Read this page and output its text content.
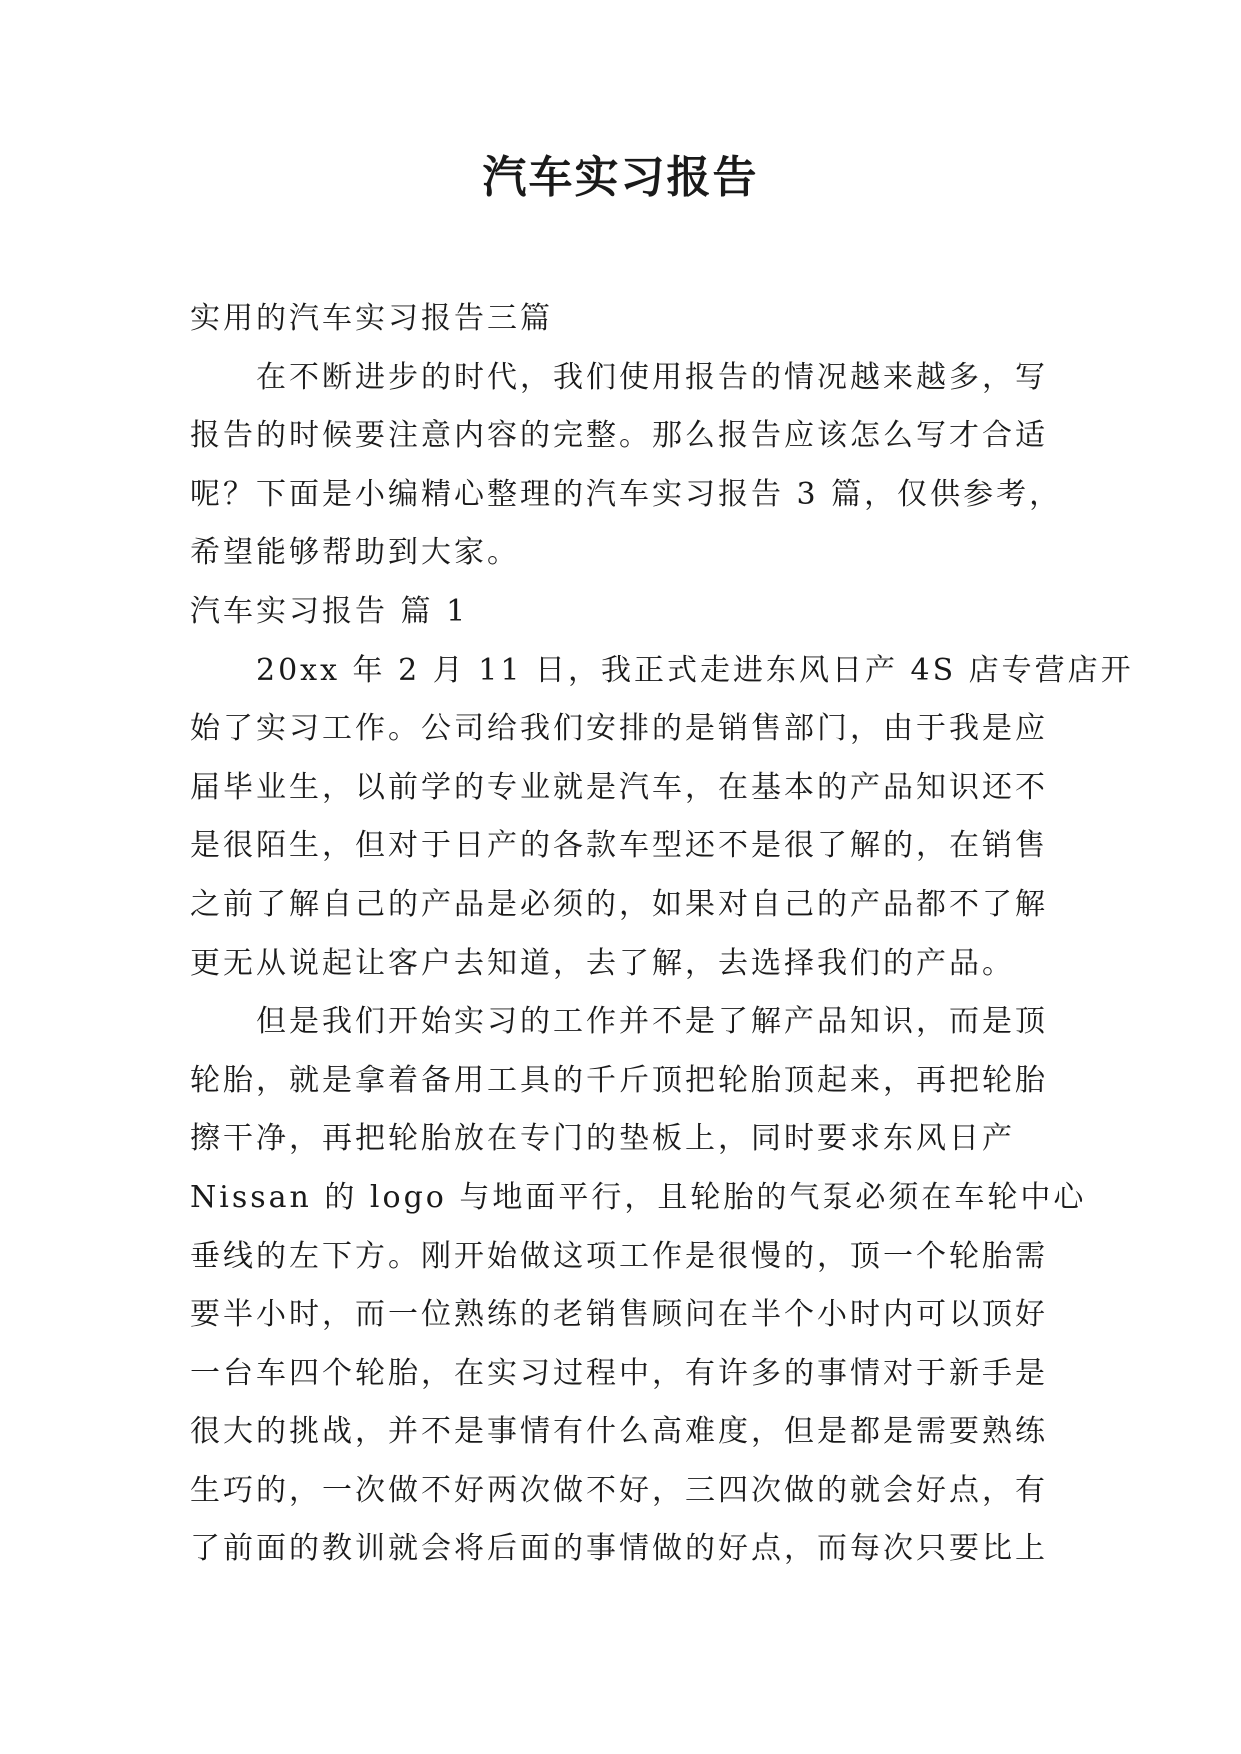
汽车实习报告
实用的汽车实习报告三篇
在不断进步的时代，我们使用报告的情况越来越多，写
报告的时候要注意内容的完整。那么报告应该怎么写才合适
呢？下面是小编精心整理的汽车实习报告 3 篇，仅供参考，
希望能够帮助到大家。
汽车实习报告 篇 1
20xx 年 2 月 11 日，我正式走进东风日产 4S 店专营店开
始了实习工作。公司给我们安排的是销售部门，由于我是应
届毕业生，以前学的专业就是汽车，在基本的产品知识还不
是很陌生，但对于日产的各款车型还不是很了解的，在销售
之前了解自己的产品是必须的，如果对自己的产品都不了解
更无从说起让客户去知道，去了解，去选择我们的产品。
但是我们开始实习的工作并不是了解产品知识，而是顶
轮胎，就是拿着备用工具的千斤顶把轮胎顶起来，再把轮胎
擦干净，再把轮胎放在专门的垫板上，同时要求东风日产
Nissan 的 logo 与地面平行，且轮胎的气泵必须在车轮中心
垂线的左下方。刚开始做这项工作是很慢的，顶一个轮胎需
要半小时，而一位熟练的老销售顾问在半个小时内可以顶好
一台车四个轮胎，在实习过程中，有许多的事情对于新手是
很大的挑战，并不是事情有什么高难度，但是都是需要熟练
生巧的，一次做不好两次做不好，三四次做的就会好点，有
了前面的教训就会将后面的事情做的好点，而每次只要比上
